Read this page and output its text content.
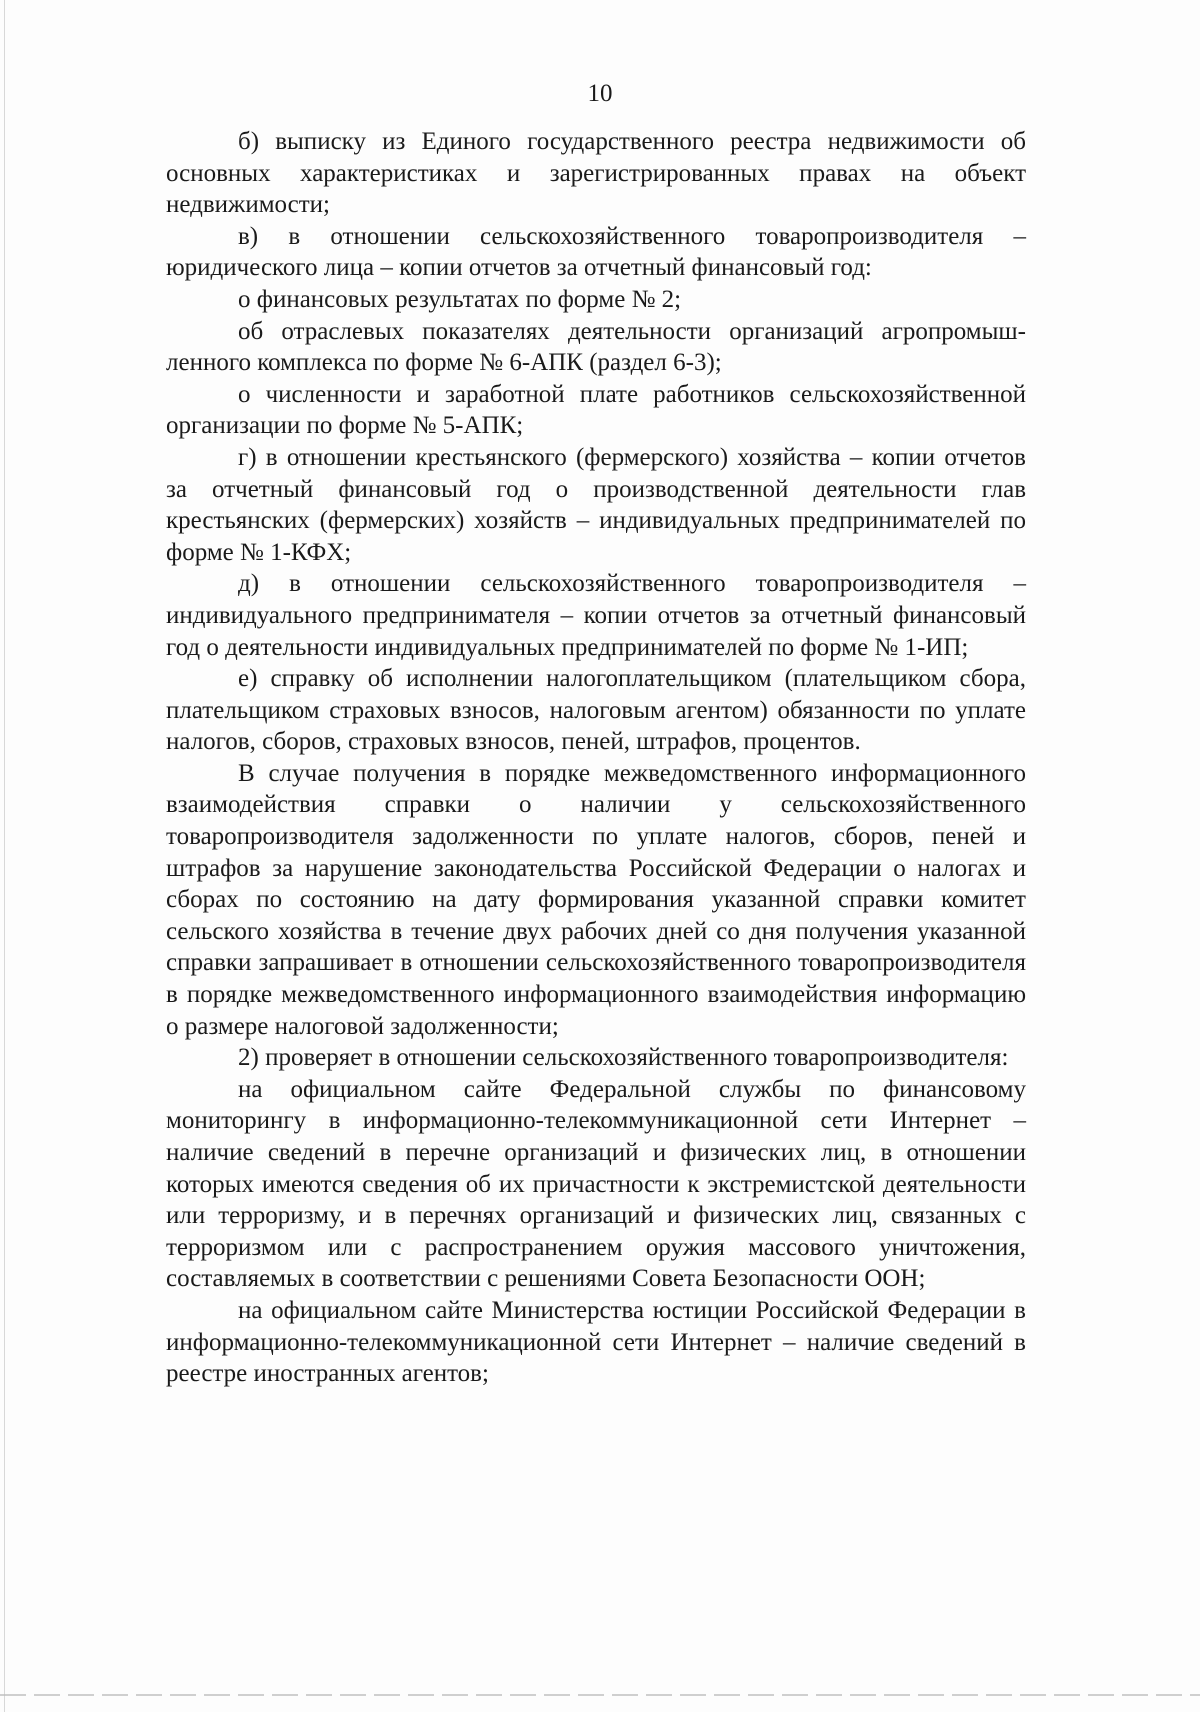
10

б) выписку из Единого государственного реестра недвижимости об основных характеристиках и зарегистрированных правах на объект недвижимости;

в) в отношении сельскохозяйственного товаропроизводителя – юридического лица – копии отчетов за отчетный финансовый год:

о финансовых результатах по форме № 2;

об отраслевых показателях деятельности организаций агропромышленного комплекса по форме № 6-АПК (раздел 6-3);

о численности и заработной плате работников сельскохозяйственной организации по форме № 5-АПК;

г) в отношении крестьянского (фермерского) хозяйства – копии отчетов за отчетный финансовый год о производственной деятельности глав крестьянских (фермерских) хозяйств – индивидуальных предпринимателей по форме № 1-КФХ;

д) в отношении сельскохозяйственного товаропроизводителя – индивидуального предпринимателя – копии отчетов за отчетный финансовый год о деятельности индивидуальных предпринимателей по форме № 1-ИП;

е) справку об исполнении налогоплательщиком (плательщиком сбора, плательщиком страховых взносов, налоговым агентом) обязанности по уплате налогов, сборов, страховых взносов, пеней, штрафов, процентов.

В случае получения в порядке межведомственного информационного взаимодействия справки о наличии у сельскохозяйственного товаропроизводителя задолженности по уплате налогов, сборов, пеней и штрафов за нарушение законодательства Российской Федерации о налогах и сборах по состоянию на дату формирования указанной справки комитет сельского хозяйства в течение двух рабочих дней со дня получения указанной справки запрашивает в отношении сельскохозяйственного товаропроизводителя в порядке межведомственного информационного взаимодействия информацию о размере налоговой задолженности;

2) проверяет в отношении сельскохозяйственного товаропроизводителя:

на официальном сайте Федеральной службы по финансовому мониторингу в информационно-телекоммуникационной сети Интернет – наличие сведений в перечне организаций и физических лиц, в отношении которых имеются сведения об их причастности к экстремистской деятельности или терроризму, и в перечнях организаций и физических лиц, связанных с терроризмом или с распространением оружия массового уничтожения, составляемых в соответствии с решениями Совета Безопасности ООН;

на официальном сайте Министерства юстиции Российской Федерации в информационно-телекоммуникационной сети Интернет – наличие сведений в реестре иностранных агентов;
